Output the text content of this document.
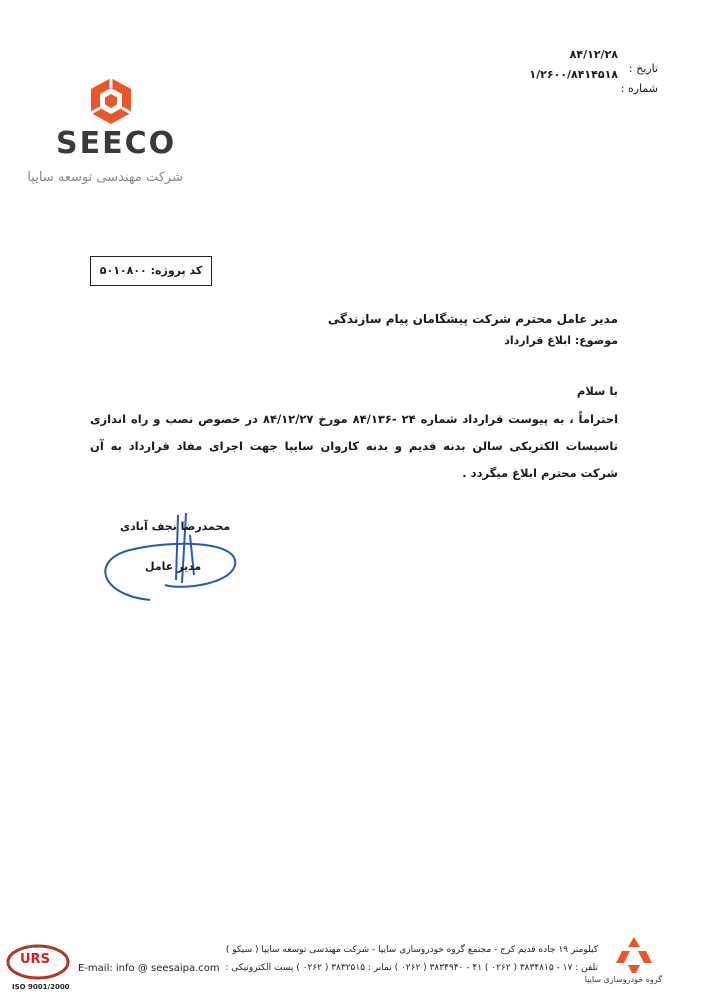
تاریخ :
۸۴/۱۲/۲۸
شماره :
۱/۲۶۰۰/۸۴۱۴۵۱۸
SEECO
شرکت مهندسی توسعه سایپا
کد پروژه: ۵۰۱۰۸۰۰
مدیر عامل محترم شرکت پیشگامان پیام سازندگی
موضوع: ابلاغ قرارداد
با سلام
احتراماً ، به پیوست قرارداد شماره ۲۴ -۸۴/۱۳۶ مورخ ۸۴/۱۲/۲۷ در خصوص نصب و راه اندازی تاسیسات الکتریکی سالن بدنه قدیم و بدنه کاروان سایپا جهت اجرای مفاد قرارداد به آن شرکت محترم ابلاغ میگردد .
محمدرضا نجف آبادی
مدیر عامل
کیلومتر ۱۹ جاده قدیم کرج - مجتمع گروه خودروسازی سایپا - شرکت مهندسی توسعه سایپا ( سیکو )
تلفن : ۱۷ - ۳۸۳۴۸۱۵ ( ۰۲۶۲ ) ۴۱ - ۳۸۳۴۹۴۰ ( ۰۲۶۲ ) نمابر : ۳۸۳۲۵۱۵ ( ۰۲۶۲ ) پست الکترونیکی :
E-mail: info @ seesaipa.com
URS
ISO 9001/2000
گروه خودروسازی سایپا
